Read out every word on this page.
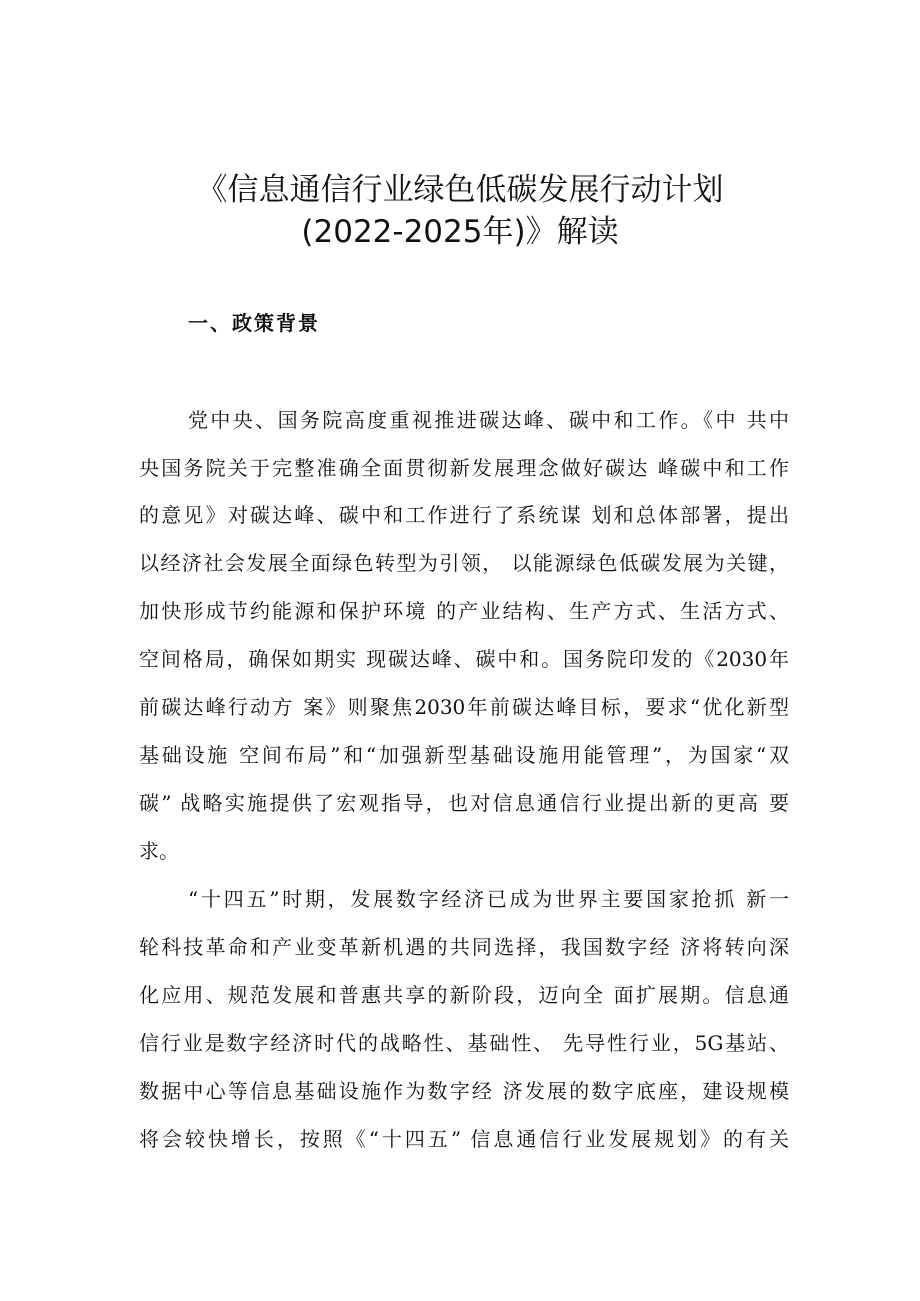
《信息通信行业绿色低碳发展行动计划
(2022-2025年)》解读
一、政策背景

党中央、国务院高度重视推进碳达峰、碳中和工作。《中 共中

央国务院关于完整准确全面贯彻新发展理念做好碳达 峰碳中和工作

的意见》对碳达峰、碳中和工作进行了系统谋 划和总体部署，提出

以经济社会发展全面绿色转型为引领， 以能源绿色低碳发展为关键，

加快形成节约能源和保护环境 的产业结构、生产方式、生活方式、

空间格局，确保如期实 现碳达峰、碳中和。国务院印发的《2030年

前碳达峰行动方 案》则聚焦2030年前碳达峰目标，要求“优化新型

基础设施 空间布局”和“加强新型基础设施用能管理”，为国家“双

碳” 战略实施提供了宏观指导，也对信息通信行业提出新的更高 要

求。

“十四五”时期，发展数字经济已成为世界主要国家抢抓 新一

轮科技革命和产业变革新机遇的共同选择，我国数字经 济将转向深

化应用、规范发展和普惠共享的新阶段，迈向全 面扩展期。信息通

信行业是数字经济时代的战略性、基础性、 先导性行业，5G基站、

数据中心等信息基础设施作为数字经 济发展的数字底座，建设规模

将会较快增长，按照《“十四五” 信息通信行业发展规划》的有关
